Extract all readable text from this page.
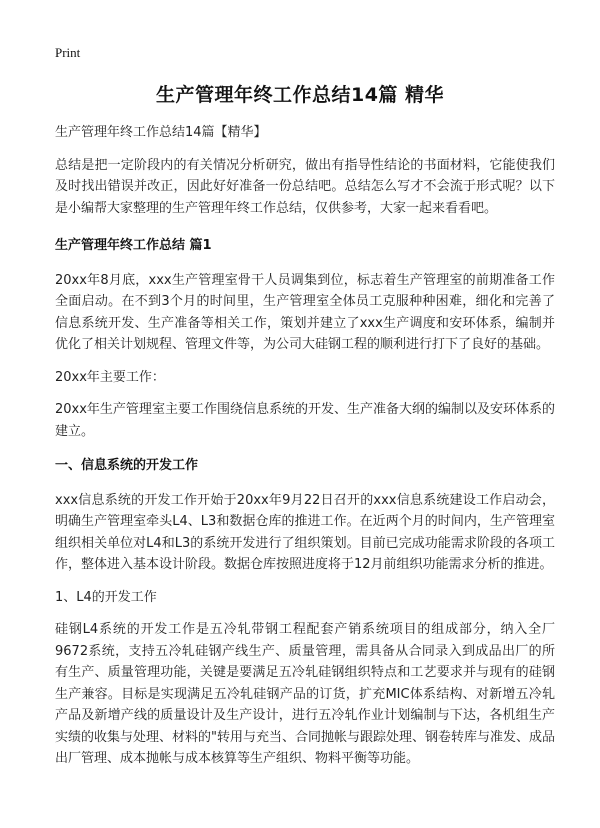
Print
生产管理年终工作总结14篇 精华

生产管理年终工作总结14篇【精华】

总结是把一定阶段内的有关情况分析研究，做出有指导性结论的书面材料，它能使我们及时找出错误并改正，因此好好准备一份总结吧。总结怎么写才不会流于形式呢？以下是小编帮大家整理的生产管理年终工作总结，仅供参考，大家一起来看看吧。

生产管理年终工作总结 篇1

20xx年8月底，xxx生产管理室骨干人员调集到位，标志着生产管理室的前期准备工作全面启动。在不到3个月的时间里，生产管理室全体员工克服种种困难，细化和完善了信息系统开发、生产准备等相关工作，策划并建立了xxx生产调度和安环体系，编制并优化了相关计划规程、管理文件等，为公司大硅钢工程的顺利进行打下了良好的基础。

20xx年主要工作：

20xx年生产管理室主要工作围绕信息系统的开发、生产准备大纲的编制以及安环体系的建立。

一、信息系统的开发工作

xxx信息系统的开发工作开始于20xx年9月22日召开的xxx信息系统建设工作启动会，明确生产管理室牵头L4、L3和数据仓库的推进工作。在近两个月的时间内，生产管理室组织相关单位对L4和L3的系统开发进行了组织策划。目前已完成功能需求阶段的各项工作，整体进入基本设计阶段。数据仓库按照进度将于12月前组织功能需求分析的推进。

1、L4的开发工作

硅钢L4系统的开发工作是五冷轧带钢工程配套产销系统项目的组成部分，纳入全厂9672系统，支持五冷轧硅钢产线生产、质量管理，需具备从合同录入到成品出厂的所有生产、质量管理功能，关键是要满足五冷轧硅钢组织特点和工艺要求并与现有的硅钢生产兼容。目标是实现满足五冷轧硅钢产品的订货，扩充MIC体系结构、对新增五冷轧产品及新增产线的质量设计及生产设计，进行五冷轧作业计划编制与下达，各机组生产实绩的收集与处理、材料的"转用与充当、合同抛帐与跟踪处理、钢卷转库与准发、成品出厂管理、成本抛帐与成本核算等生产组织、物料平衡等功能。
